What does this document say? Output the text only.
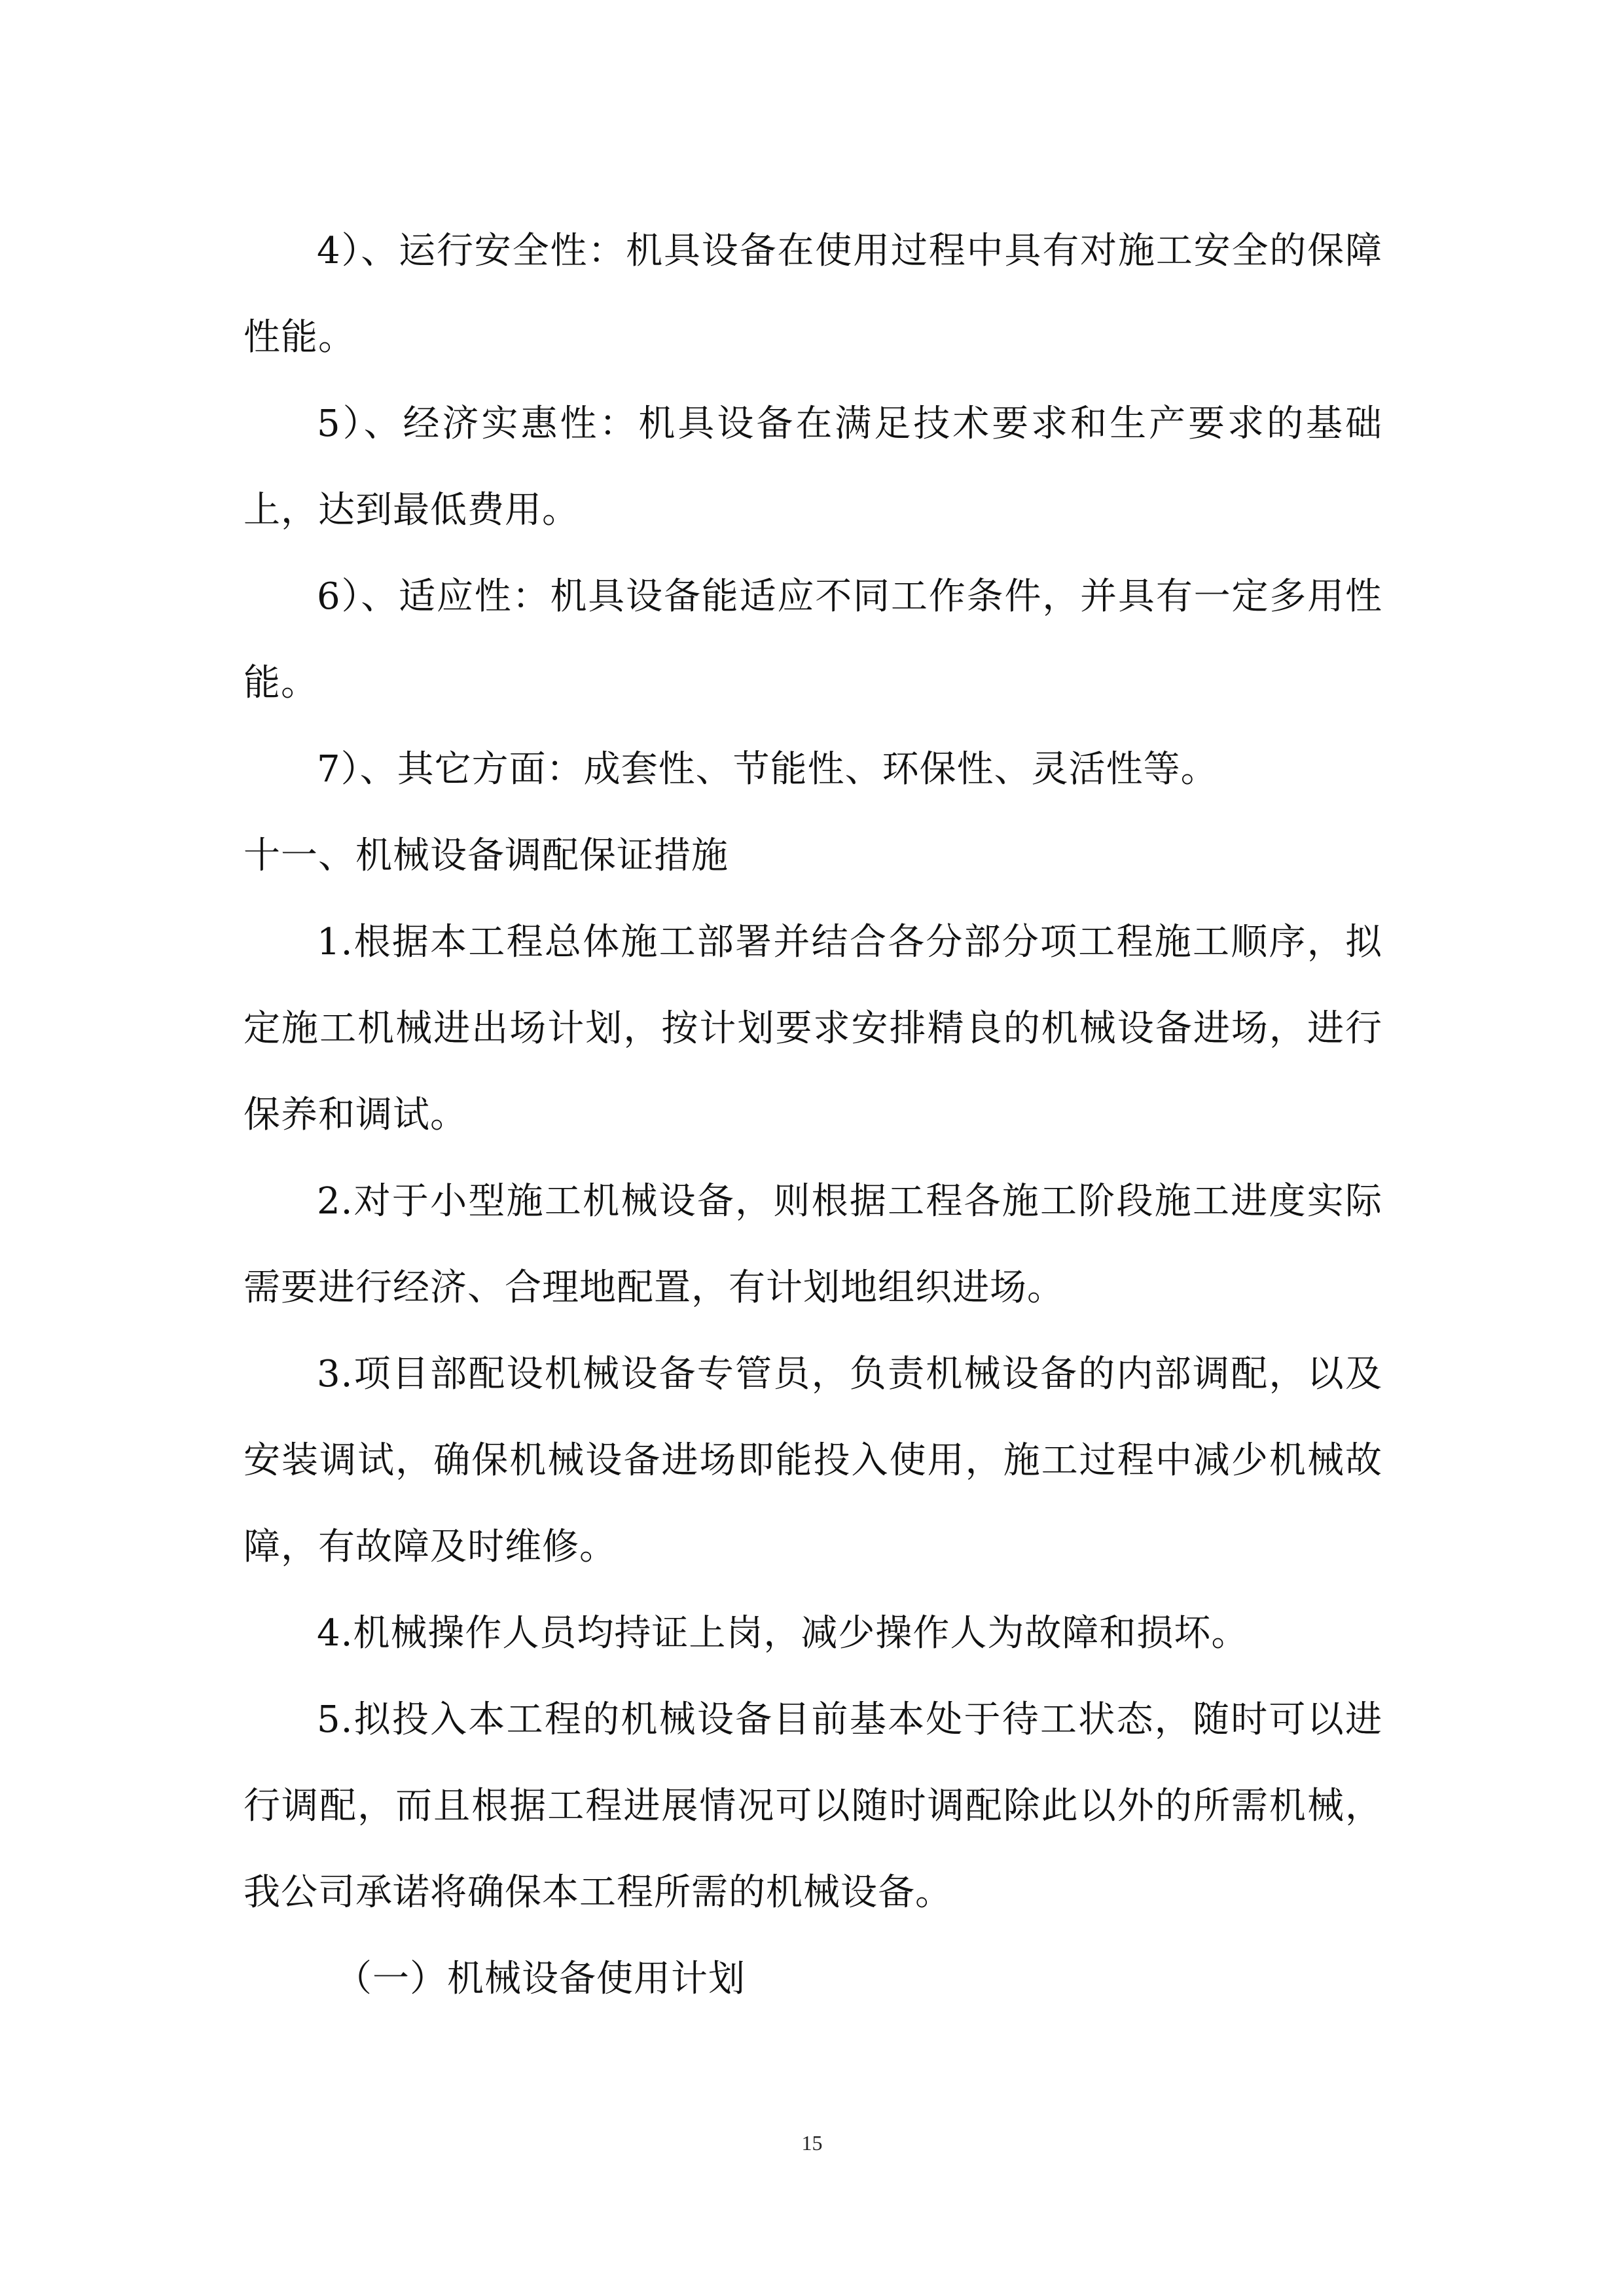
4）、运行安全性：机具设备在使用过程中具有对施工安全的保障性能。

5）、经济实惠性：机具设备在满足技术要求和生产要求的基础上，达到最低费用。

6）、适应性：机具设备能适应不同工作条件，并具有一定多用性能。

7）、其它方面：成套性、节能性、环保性、灵活性等。

十一、机械设备调配保证措施

1.根据本工程总体施工部署并结合各分部分项工程施工顺序，拟定施工机械进出场计划，按计划要求安排精良的机械设备进场，进行保养和调试。

2.对于小型施工机械设备，则根据工程各施工阶段施工进度实际需要进行经济、合理地配置，有计划地组织进场。

3.项目部配设机械设备专管员，负责机械设备的内部调配，以及安装调试，确保机械设备进场即能投入使用，施工过程中减少机械故障，有故障及时维修。

4.机械操作人员均持证上岗，减少操作人为故障和损坏。

5.拟投入本工程的机械设备目前基本处于待工状态，随时可以进行调配，而且根据工程进展情况可以随时调配除此以外的所需机械，我公司承诺将确保本工程所需的机械设备。

（一）机械设备使用计划

15
